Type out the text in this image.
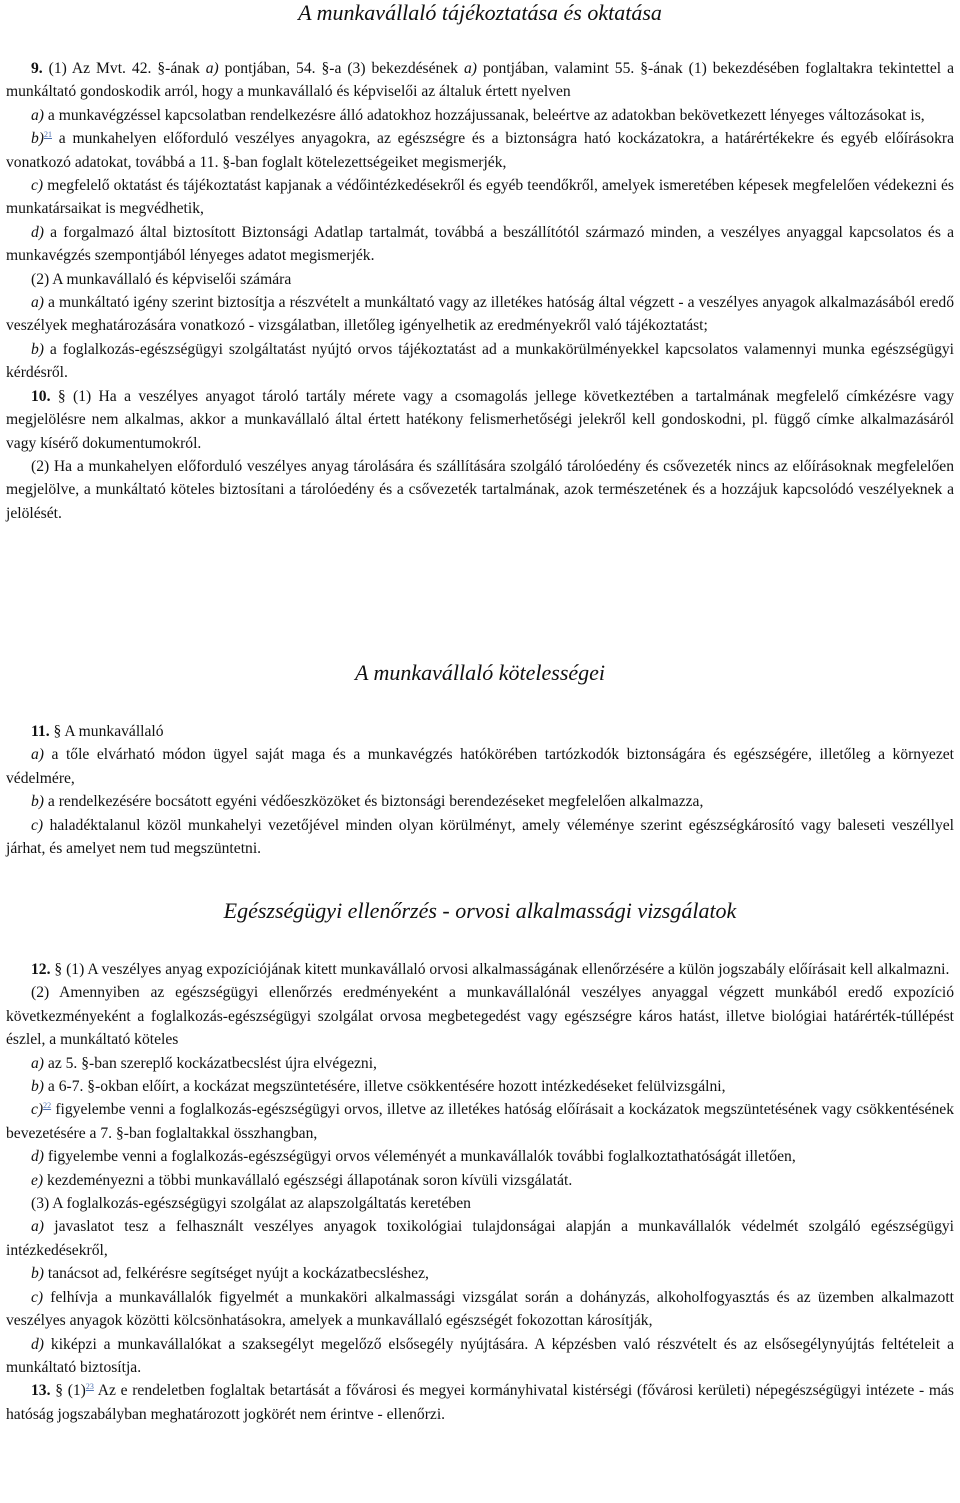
A munkavállaló tájékoztatása és oktatása

9. (1) Az Mvt. 42. §-ának a) pontjában, 54. §-a (3) bekezdésének a) pontjában, valamint 55. §-ának (1) bekezdésében foglaltakra tekintettel a munkáltató gondoskodik arról, hogy a munkavállaló és képviselői az általuk értett nyelven

a) a munkavégzéssel kapcsolatban rendelkezésre álló adatokhoz hozzájussanak, beleértve az adatokban bekövetkezett lényeges változásokat is,

b)$^{21}$ a munkahelyen előforduló veszélyes anyagokra, az egészségre és a biztonságra ható kockázatokra, a határértékekre és egyéb előírásokra vonatkozó adatokat, továbbá a 11. §-ban foglalt kötelezettségeiket megismerjék,

c) megfelelő oktatást és tájékoztatást kapjanak a védőintézkedésekről és egyéb teendőkről, amelyek ismeretében képesek megfelelően védekezni és munkatársaikat is megvédhetik,

d) a forgalmazó által biztosított Biztonsági Adatlap tartalmát, továbbá a beszállítótól származó minden, a veszélyes anyaggal kapcsolatos és a munkavégzés szempontjából lényeges adatot megismerjék.

(2) A munkavállaló és képviselői számára

a) a munkáltató igény szerint biztosítja a részvételt a munkáltató vagy az illetékes hatóság által végzett - a veszélyes anyagok alkalmazásából eredő veszélyek meghatározására vonatkozó - vizsgálatban, illetőleg igényelhetik az eredményekről való tájékoztatást;

b) a foglalkozás-egészségügyi szolgáltatást nyújtó orvos tájékoztatást ad a munkakörülményekkel kapcsolatos valamennyi munka egészségügyi kérdésről.

10. § (1) Ha a veszélyes anyagot tároló tartály mérete vagy a csomagolás jellege következtében a tartalmának megfelelő címkézésre vagy megjelölésre nem alkalmas, akkor a munkavállaló által értett hatékony felismerhetőségi jelekről kell gondoskodni, pl. függő címke alkalmazásáról vagy kísérő dokumentumokról.

(2) Ha a munkahelyen előforduló veszélyes anyag tárolására és szállítására szolgáló tárolóedény és csővezeték nincs az előírásoknak megfelelően megjelölve, a munkáltató köteles biztosítani a tárolóedény és a csővezeték tartalmának, azok természetének és a hozzájuk kapcsolódó veszélyeknek a jelölését.

A munkavállaló kötelességei

11. § A munkavállaló

a) a tőle elvárható módon ügyel saját maga és a munkavégzés hatókörében tartózkodók biztonságára és egészségére, illetőleg a környezet védelmére,

b) a rendelkezésére bocsátott egyéni védőeszközöket és biztonsági berendezéseket megfelelően alkalmazza,

c) haladéktalanul közöl munkahelyi vezetőjével minden olyan körülményt, amely véleménye szerint egészségkárosító vagy baleseti veszéllyel járhat, és amelyet nem tud megszüntetni.

Egészségügyi ellenőrzés - orvosi alkalmassági vizsgálatok

12. § (1) A veszélyes anyag expozíciójának kitett munkavállaló orvosi alkalmasságának ellenőrzésére a külön jogszabály előírásait kell alkalmazni.

(2) Amennyiben az egészségügyi ellenőrzés eredményeként a munkavállalónál veszélyes anyaggal végzett munkából eredő expozíció következményeként a foglalkozás-egészségügyi szolgálat orvosa megbetegedést vagy egészségre káros hatást, illetve biológiai határérték-túllépést észlel, a munkáltató köteles

a) az 5. §-ban szereplő kockázatbecslést újra elvégezni,

b) a 6-7. §-okban előírt, a kockázat megszüntetésére, illetve csökkentésére hozott intézkedéseket felülvizsgálni,

c)$^{22}$ figyelembe venni a foglalkozás-egészségügyi orvos, illetve az illetékes hatóság előírásait a kockázatok megszüntetésének vagy csökkentésének bevezetésére a 7. §-ban foglaltakkal összhangban,

d) figyelembe venni a foglalkozás-egészségügyi orvos véleményét a munkavállalók további foglalkoztathatóságát illetően,

e) kezdeményezni a többi munkavállaló egészségi állapotának soron kívüli vizsgálatát.

(3) A foglalkozás-egészségügyi szolgálat az alapszolgáltatás keretében

a) javaslatot tesz a felhasznált veszélyes anyagok toxikológiai tulajdonságai alapján a munkavállalók védelmét szolgáló egészségügyi intézkedésekről,

b) tanácsot ad, felkérésre segítséget nyújt a kockázatbecsléshez,

c) felhívja a munkavállalók figyelmét a munkaköri alkalmassági vizsgálat során a dohányzás, alkoholfogyasztás és az üzemben alkalmazott veszélyes anyagok közötti kölcsönhatásokra, amelyek a munkavállaló egészségét fokozottan károsítják,

d) kiképzi a munkavállalókat a szaksegélyt megelőző elsősegély nyújtására. A képzésben való részvételt és az elsősegélynyújtás feltételeit a munkáltató biztosítja.

13. § (1)$^{23}$ Az e rendeletben foglaltak betartását a fővárosi és megyei kormányhivatal kistérségi (fővárosi kerületi) népegészségügyi intézete - más hatóság jogszabályban meghatározott jogkörét nem érintve - ellenőrzi.
